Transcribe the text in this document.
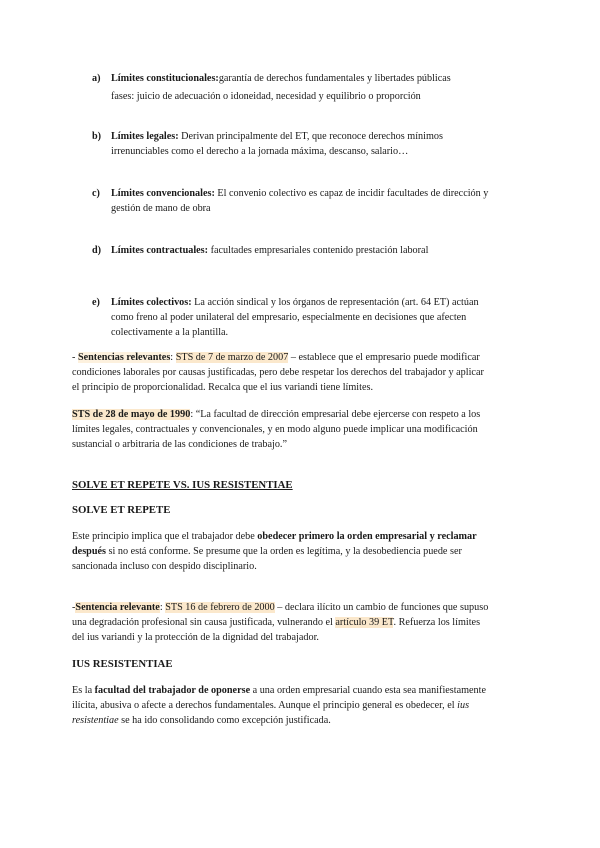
a) Límites constitucionales:garantía de derechos fundamentales y libertades públicas
fases: juicio de adecuación o idoneidad, necesidad y equilibrio o proporción
b) Límites legales: Derivan principalmente del ET, que reconoce derechos mínimos
irrenunciables como el derecho a la jornada máxima, descanso, salario…
c) Límites convencionales: El convenio colectivo es capaz de incidir facultades de dirección y
gestión de mano de obra
d) Límites contractuales: facultades empresariales contenido prestación laboral
e) Límites colectivos: La acción sindical y los órganos de representación (art. 64 ET) actúan
como freno al poder unilateral del empresario, especialmente en decisiones que afecten
colectivamente a la plantilla.
- Sentencias relevantes: STS de 7 de marzo de 2007 – establece que el empresario puede modificar
condiciones laborales por causas justificadas, pero debe respetar los derechos del trabajador y aplicar
el principio de proporcionalidad. Recalca que el ius variandi tiene límites.
STS de 28 de mayo de 1990: “La facultad de dirección empresarial debe ejercerse con respeto a los
límites legales, contractuales y convencionales, y en modo alguno puede implicar una modificación
sustancial o arbitraria de las condiciones de trabajo.”
SOLVE ET REPETE VS. IUS RESISTENTIAE
SOLVE ET REPETE
Este principio implica que el trabajador debe obedecer primero la orden empresarial y reclamar
después si no está conforme. Se presume que la orden es legítima, y la desobediencia puede ser
sancionada incluso con despido disciplinario.
-Sentencia relevante: STS 16 de febrero de 2000 – declara ilícito un cambio de funciones que supuso
una degradación profesional sin causa justificada, vulnerando el artículo 39 ET. Refuerza los límites
del ius variandi y la protección de la dignidad del trabajador.
IUS RESISTENTIAE
Es la facultad del trabajador de oponerse a una orden empresarial cuando esta sea manifiestamente
ilícita, abusiva o afecte a derechos fundamentales. Aunque el principio general es obedecer, el ius
resistentiae se ha ido consolidando como excepción justificada.
